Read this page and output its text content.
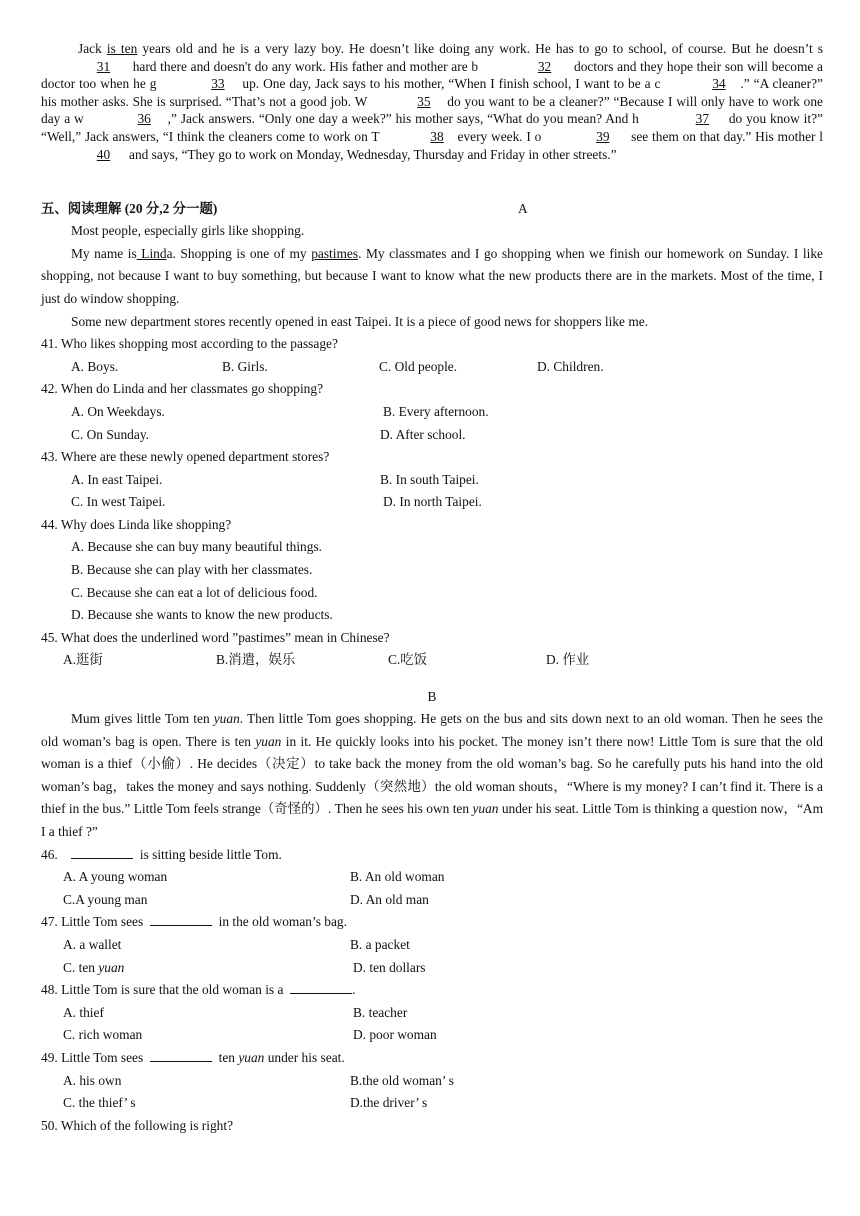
Jack is ten years old and he is a very lazy boy. He doesn’t like doing any work. He has to go to school, of course. But he doesn’t s31 hard there and doesn't do any work. His father and mother are b	32 doctors and they hope their son will become a doctor too when he g	33 up. One day, Jack says to his mother, “When I finish school, I want to be a c	34 .” “A cleaner?” his mother asks. She is surprised. “That’s not a good job. W	35 do you want to be a cleaner?” “Because I will only have to work one day a w	36 ,” Jack answers. “Only one day a week?” his mother says, “What do you mean? And h	37 do you know it?” “Well,” Jack answers, “I think the cleaners come to work on T	38 every week. I o	39 see them on that day.” His mother l40 and says, “They go to work on Monday, Wednesday, Thursday and Friday in other streets.”

五、阅读理解 (20 分,2 分一题)	A

Most people, especially girls like shopping.

My name is Linda. Shopping is one of my pastimes. My classmates and I go shopping when we finish our homework on Sunday. I like shopping, not because I want to buy something, but because I want to know what the new products there are in the markets. Most of the time, I just do window shopping.

Some new department stores recently opened in east Taipei. It is a piece of good news for shoppers like me.

41. Who likes shopping most according to the passage?

A. Boys.	B. Girls.	C. Old people.	D. Children.

42. When do Linda and her classmates go shopping?

A. On Weekdays.	B. Every afternoon.
C. On Sunday.	D. After school.

43. Where are these newly opened department stores?

A. In east Taipei.	B. In south Taipei.
C. In west Taipei.	D. In north Taipei.

44. Why does Linda like shopping?

A. Because she can buy many beautiful things.

B. Because she can play with her classmates.

C. Because she can eat a lot of delicious food.

D. Because she wants to know the new products.

45. What does the underlined word ”pastimes” mean in Chinese?

A.逛街	B.消遣，娱乐	C.吃饭	D. 作业
B

Mum gives little Tom ten yuan. Then little Tom goes shopping. He gets on the bus and sits down next to an old woman. Then he sees the old woman’s bag is open. There is ten yuan in it. He quickly looks into his pocket. The money isn’t there now! Little Tom is sure that the old woman is a thief（小偷）. He decides（决定）to take back the money from the old woman’s bag. So he carefully puts his hand into the old woman’s bag，takes the money and says nothing. Suddenly（突然地）the old woman shouts，“Where is my money? I can’t find it. There is a thief in the bus.” Little Tom feels strange（奇怪的）. Then he sees his own ten yuan under his seat. Little Tom is thinking a question now，“Am I a thief ?”

46.	is sitting beside little Tom.

A. A young woman	B. An old woman
C.A young man	D. An old man

47. Little Tom sees	in the old woman’s bag.

A. a wallet	B. a packet
C. ten yuan	D. ten dollars

48. Little Tom is sure that the old woman is a	.

A. thief	B. teacher
C. rich woman	D. poor woman

49. Little Tom sees	ten yuan under his seat.

A. his own	B.the old woman’ s
C. the thief’ s	D.the driver’ s

50. Which of the following is right?
